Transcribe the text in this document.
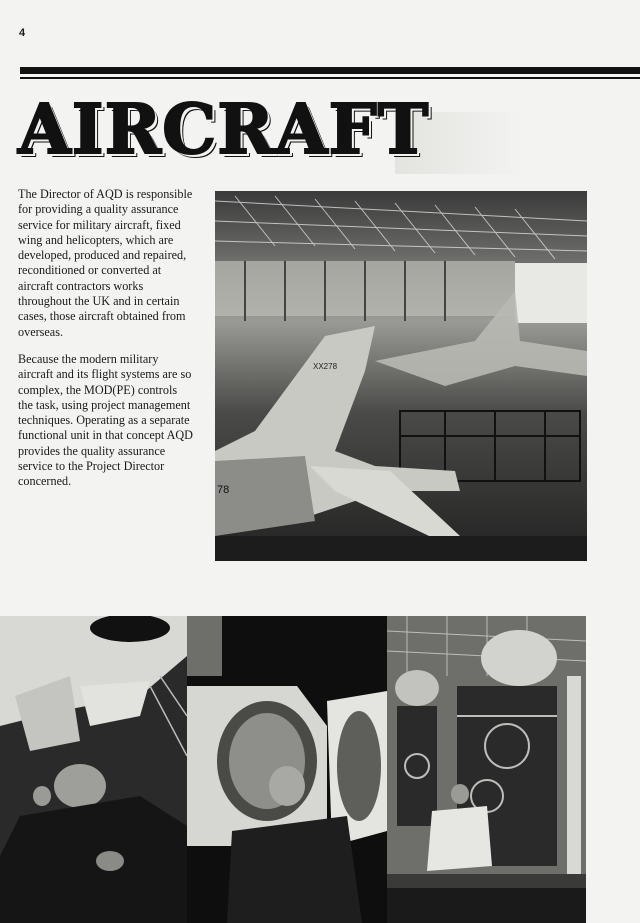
4
AIRCRAFT

The Director of AQD is responsible for providing a quality assurance service for military aircraft, fixed wing and helicopters, which are developed, produced and repaired, reconditioned or converted at aircraft contractors works throughout the UK and in certain cases, those aircraft obtained from overseas.

Because the modern military aircraft and its flight systems are so complex, the MOD(PE) controls the task, using project management techniques. Operating as a separate functional unit in that concept AQD provides the quality assurance service to the Project Director concerned.

XX278
78
